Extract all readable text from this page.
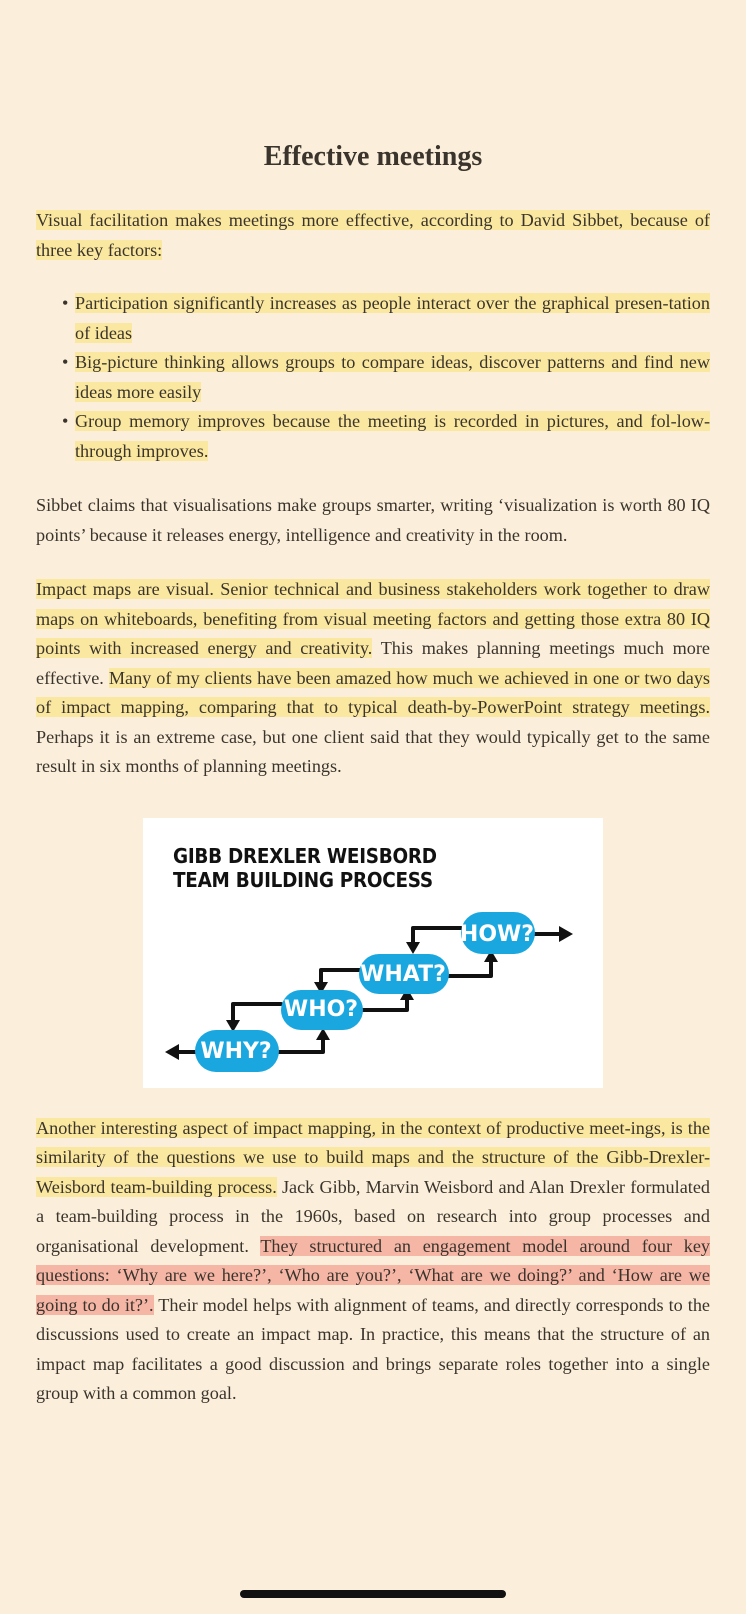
Effective meetings

Visual facilitation makes meetings more effective, according to David Sibbet, because of three key factors:

• Participation significantly increases as people interact over the graphical presen-tation of ideas
• Big-picture thinking allows groups to compare ideas, discover patterns and find new ideas more easily
• Group memory improves because the meeting is recorded in pictures, and fol-low-through improves.

Sibbet claims that visualisations make groups smarter, writing ‘visualization is worth 80 IQ points’ because it releases energy, intelligence and creativity in the room.

Impact maps are visual. Senior technical and business stakeholders work together to draw maps on whiteboards, benefiting from visual meeting factors and getting those extra 80 IQ points with increased energy and creativity. This makes planning meetings much more effective. Many of my clients have been amazed how much we achieved in one or two days of impact mapping, comparing that to typical death-by-PowerPoint strategy meetings. Perhaps it is an extreme case, but one client said that they would typically get to the same result in six months of planning meetings.

GIBB DREXLER WEISBORD
TEAM BUILDING PROCESS
WHY?
WHO?
WHAT?
HOW?

Another interesting aspect of impact mapping, in the context of productive meet-ings, is the similarity of the questions we use to build maps and the structure of the Gibb-Drexler-Weisbord team-building process. Jack Gibb, Marvin Weisbord and Alan Drexler formulated a team-building process in the 1960s, based on research into group processes and organisational development. They structured an engagement model around four key questions: ‘Why are we here?’, ‘Who are you?’, ‘What are we doing?’ and ‘How are we going to do it?’. Their model helps with alignment of teams, and directly corresponds to the discussions used to create an impact map. In practice, this means that the structure of an impact map facilitates a good discussion and brings separate roles together into a single group with a common goal.
